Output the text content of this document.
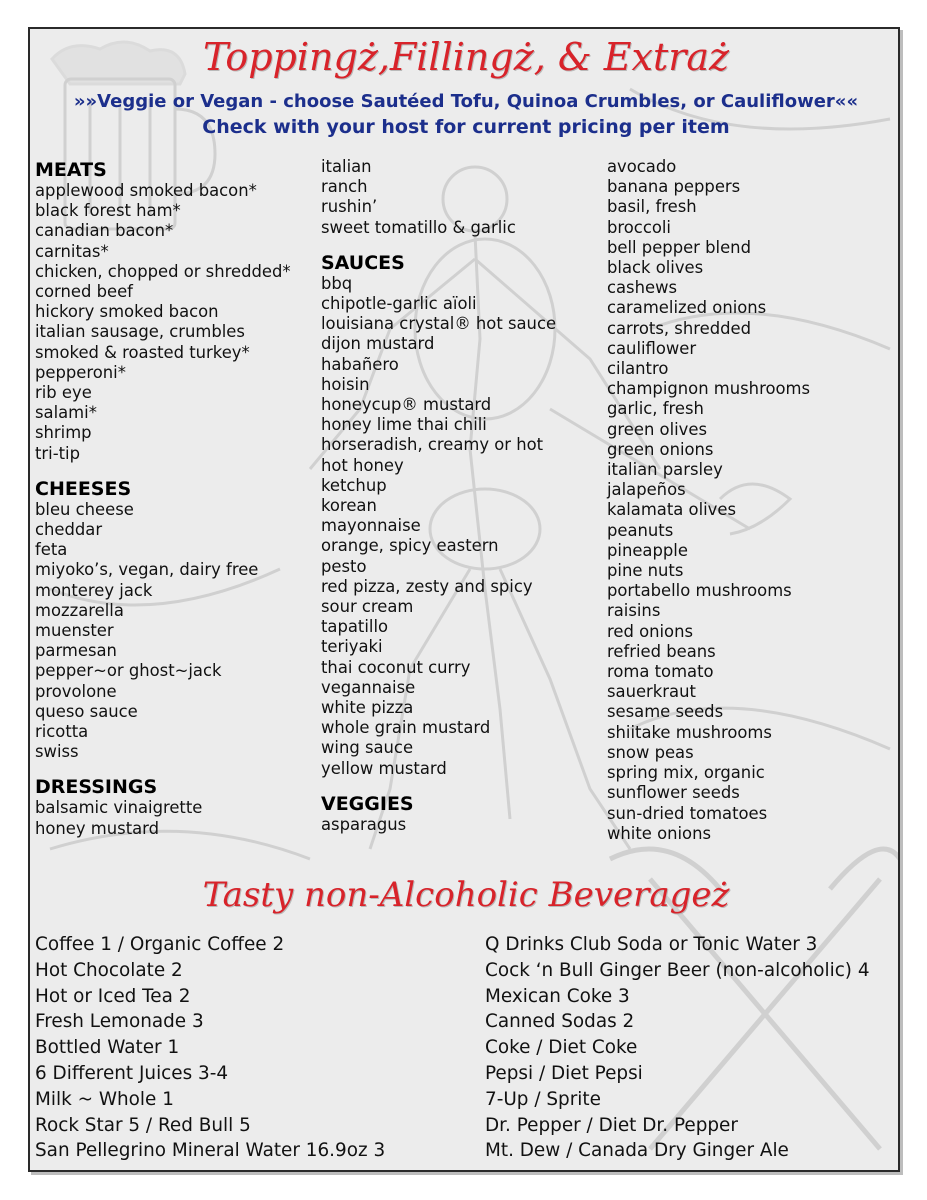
Toppingż,Fillingż, & Extraż
»»Veggie or Vegan - choose Sautéed Tofu, Quinoa Crumbles, or Cauliflower««
Check with your host for current pricing per item
MEATS
applewood smoked bacon*
black forest ham*
canadian bacon*
carnitas*
chicken, chopped or shredded*
corned beef
hickory smoked bacon
italian sausage, crumbles
smoked & roasted turkey*
pepperoni*
rib eye
salami*
shrimp
tri-tip
CHEESES
bleu cheese
cheddar
feta
miyoko’s, vegan, dairy free
monterey jack
mozzarella
muenster
parmesan
pepper~or ghost~jack
provolone
queso sauce
ricotta
swiss
DRESSINGS
balsamic vinaigrette
honey mustard
italian
ranch
rushin’
sweet tomatillo & garlic
SAUCES
bbq
chipotle-garlic aïoli
louisiana crystal® hot sauce
dijon mustard
habañero
hoisin
honeycup® mustard
honey lime thai chili
horseradish, creamy or hot
hot honey
ketchup
korean
mayonnaise
orange, spicy eastern
pesto
red pizza, zesty and spicy
sour cream
tapatillo
teriyaki
thai coconut curry
vegannaise
white pizza
whole grain mustard
wing sauce
yellow mustard
VEGGIES
asparagus
avocado
banana peppers
basil, fresh
broccoli
bell pepper blend
black olives
cashews
caramelized onions
carrots, shredded
cauliflower
cilantro
champignon mushrooms
garlic, fresh
green olives
green onions
italian parsley
jalapeños
kalamata olives
peanuts
pineapple
pine nuts
portabello mushrooms
raisins
red onions
refried beans
roma tomato
sauerkraut
sesame seeds
shiitake mushrooms
snow peas
spring mix, organic
sunflower seeds
sun-dried tomatoes
white onions
Tasty non-Alcoholic Beverageż
Coffee 1 / Organic Coffee 2
Hot Chocolate 2
Hot or Iced Tea 2
Fresh Lemonade 3
Bottled Water 1
6 Different Juices 3-4
Milk ~ Whole 1
Rock Star 5 / Red Bull 5
San Pellegrino Mineral Water 16.9oz 3
Q Drinks Club Soda or Tonic Water 3
Cock ‘n Bull Ginger Beer (non-alcoholic) 4
Mexican Coke 3
Canned Sodas 2
Coke / Diet Coke
Pepsi / Diet Pepsi
7-Up / Sprite
Dr. Pepper / Diet Dr. Pepper
Mt. Dew / Canada Dry Ginger Ale
